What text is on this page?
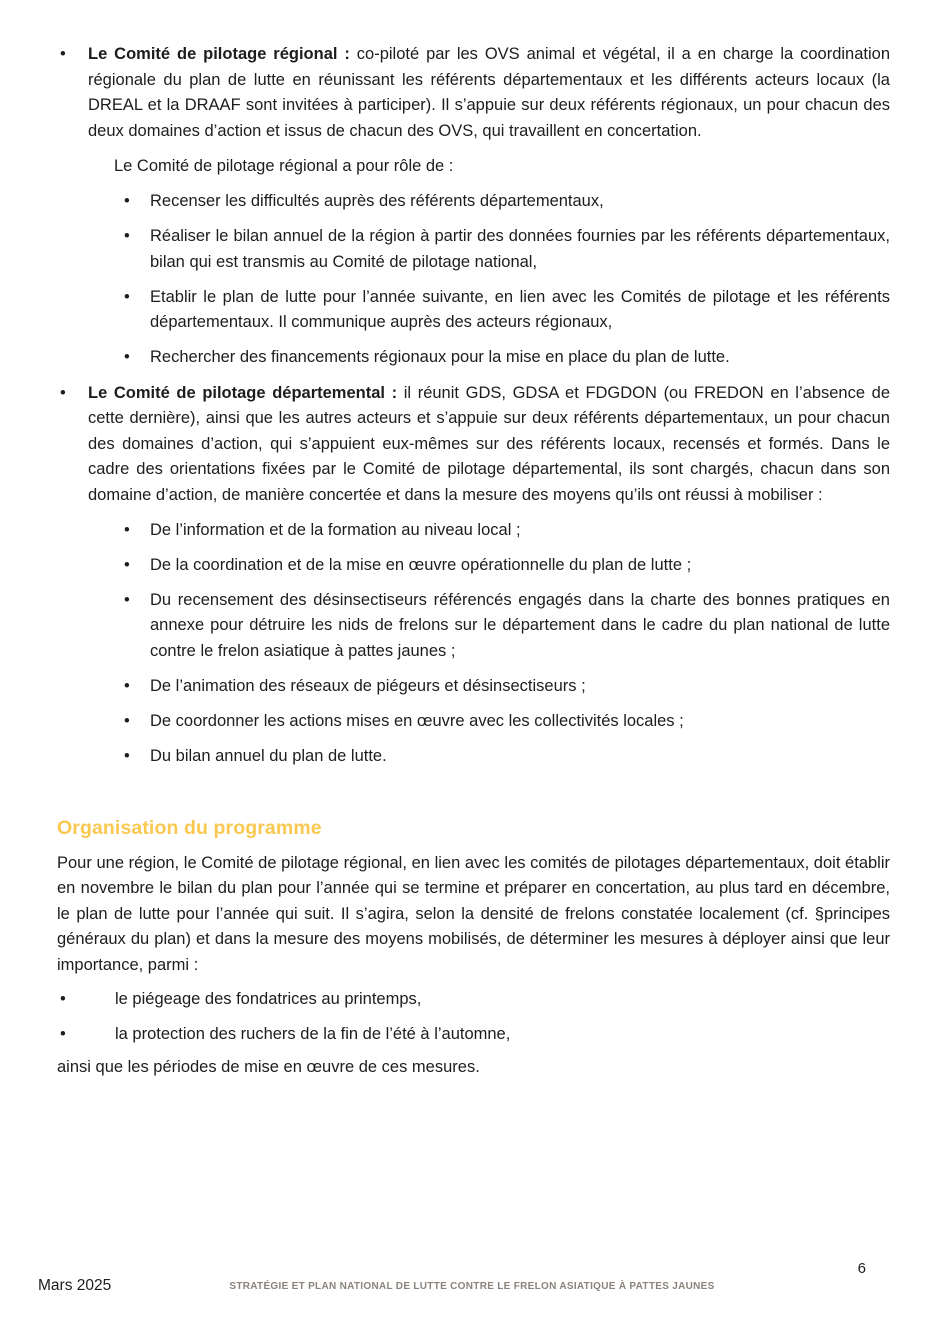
•	Le Comité de pilotage régional : co-piloté par les OVS animal et végétal, il a en charge la coordination régionale du plan de lutte en réunissant les référents départementaux et les différents acteurs locaux (la DREAL et la DRAAF sont invitées à participer). Il s’appuie sur deux référents régionaux, un pour chacun des deux domaines d’action et issus de chacun des OVS, qui travaillent en concertation.

Le Comité de pilotage régional a pour rôle de :

•	Recenser les difficultés auprès des référents départementaux,
•	Réaliser le bilan annuel de la région à partir des données fournies par les référents départementaux, bilan qui est transmis au Comité de pilotage national,
•	Etablir le plan de lutte pour l’année suivante, en lien avec les Comités de pilotage et les référents départementaux. Il communique auprès des acteurs régionaux,
•	Rechercher des financements régionaux pour la mise en place du plan de lutte.
•	Le Comité de pilotage départemental : il réunit GDS, GDSA et FDGDON (ou FREDON en l’absence de cette dernière), ainsi que les autres acteurs et s’appuie sur deux référents départementaux, un pour chacun des domaines d’action, qui s’appuient eux-mêmes sur des référents locaux, recensés et formés. Dans le cadre des orientations fixées par le Comité de pilotage départemental, ils sont chargés, chacun dans son domaine d’action, de manière concertée et dans la mesure des moyens qu’ils ont réussi à mobiliser :
•	De l’information et de la formation au niveau local ;
•	De la coordination et de la mise en œuvre opérationnelle du plan de lutte ;
•	Du recensement des désinsectiseurs référencés engagés dans la charte des bonnes pratiques en annexe pour détruire les nids de frelons sur le département dans le cadre du plan national de lutte contre le frelon asiatique à pattes jaunes ;
•	De l’animation des réseaux de piégeurs et désinsectiseurs ;
•	De coordonner les actions mises en œuvre avec les collectivités locales ;
•	Du bilan annuel du plan de lutte.
Organisation du programme

Pour une région, le Comité de pilotage régional, en lien avec les comités de pilotages départementaux, doit établir en novembre le bilan du plan pour l’année qui se termine et préparer en concertation, au plus tard en décembre, le plan de lutte pour l’année qui suit. Il s’agira, selon la densité de frelons constatée localement (cf. §principes généraux du plan) et dans la mesure des moyens mobilisés, de déterminer les mesures à déployer ainsi que leur importance, parmi :

•	le piégeage des fondatrices au printemps,
•	la protection des ruchers de la fin de l’été à l’automne,

ainsi que les périodes de mise en œuvre de ces mesures.

Mars 2025	STRATÉGIE ET PLAN NATIONAL DE LUTTE CONTRE LE FRELON ASIATIQUE À PATTES JAUNES
6
